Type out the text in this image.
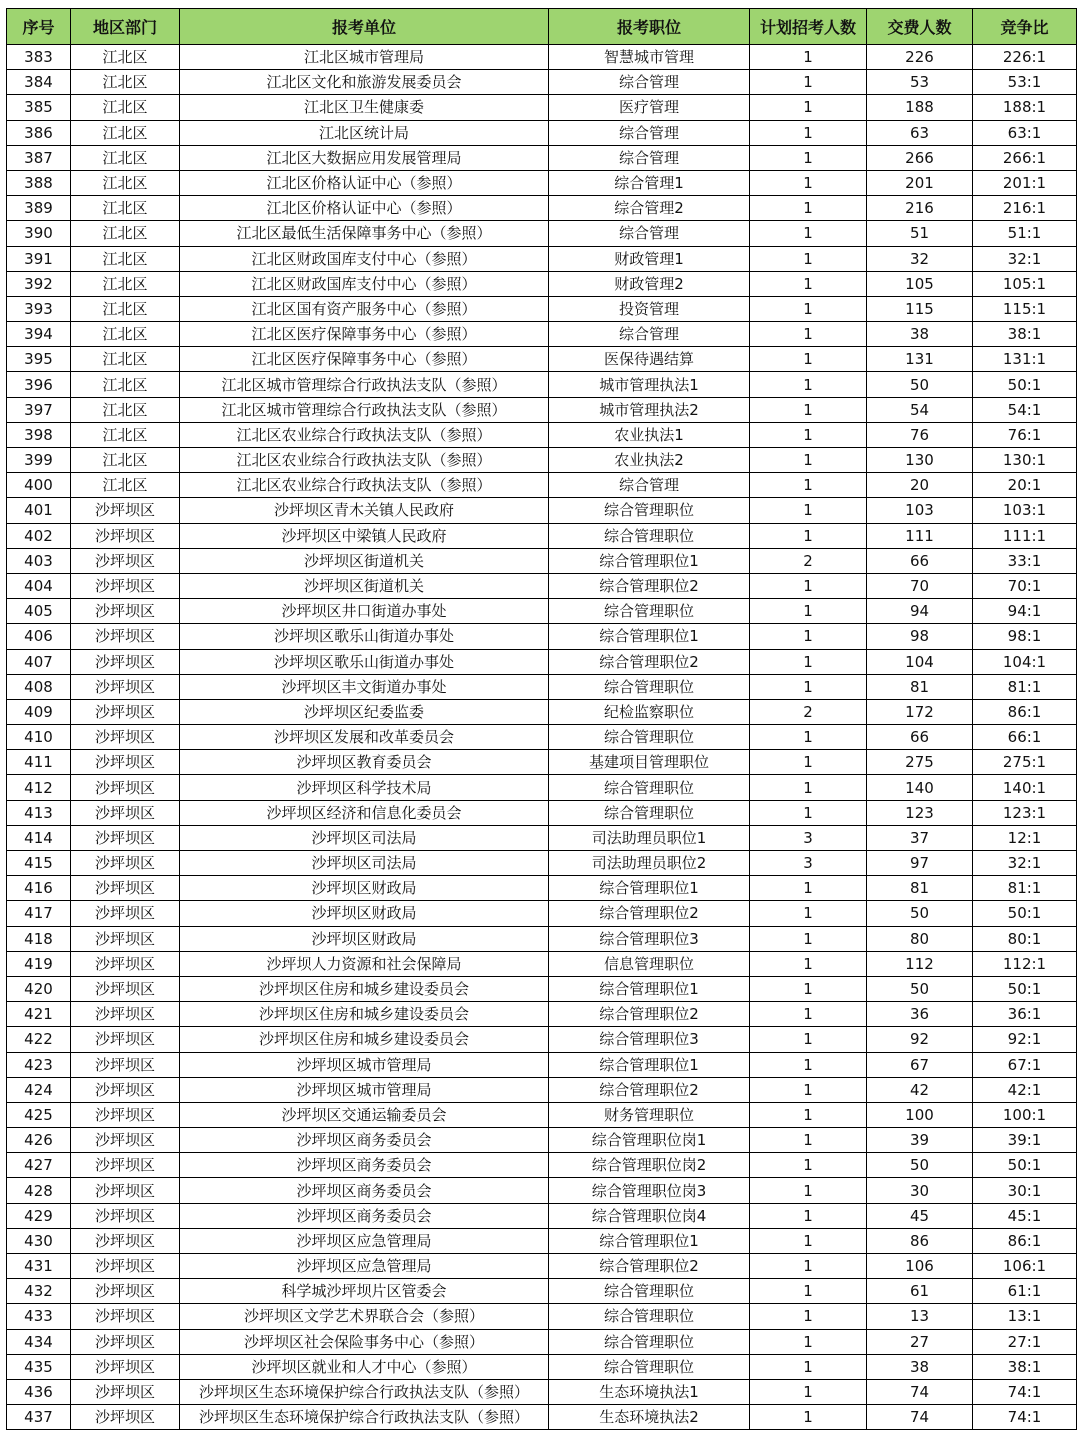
序号	地区部门	报考单位	报考职位	计划招考人数	交费人数	竞争比
383	江北区	江北区城市管理局	智慧城市管理	1	226	226:1
384	江北区	江北区文化和旅游发展委员会	综合管理	1	53	53:1
385	江北区	江北区卫生健康委	医疗管理	1	188	188:1
386	江北区	江北区统计局	综合管理	1	63	63:1
387	江北区	江北区大数据应用发展管理局	综合管理	1	266	266:1
388	江北区	江北区价格认证中心（参照）	综合管理1	1	201	201:1
389	江北区	江北区价格认证中心（参照）	综合管理2	1	216	216:1
390	江北区	江北区最低生活保障事务中心（参照）	综合管理	1	51	51:1
391	江北区	江北区财政国库支付中心（参照）	财政管理1	1	32	32:1
392	江北区	江北区财政国库支付中心（参照）	财政管理2	1	105	105:1
393	江北区	江北区国有资产服务中心（参照）	投资管理	1	115	115:1
394	江北区	江北区医疗保障事务中心（参照）	综合管理	1	38	38:1
395	江北区	江北区医疗保障事务中心（参照）	医保待遇结算	1	131	131:1
396	江北区	江北区城市管理综合行政执法支队（参照）	城市管理执法1	1	50	50:1
397	江北区	江北区城市管理综合行政执法支队（参照）	城市管理执法2	1	54	54:1
398	江北区	江北区农业综合行政执法支队（参照）	农业执法1	1	76	76:1
399	江北区	江北区农业综合行政执法支队（参照）	农业执法2	1	130	130:1
400	江北区	江北区农业综合行政执法支队（参照）	综合管理	1	20	20:1
401	沙坪坝区	沙坪坝区青木关镇人民政府	综合管理职位	1	103	103:1
402	沙坪坝区	沙坪坝区中梁镇人民政府	综合管理职位	1	111	111:1
403	沙坪坝区	沙坪坝区街道机关	综合管理职位1	2	66	33:1
404	沙坪坝区	沙坪坝区街道机关	综合管理职位2	1	70	70:1
405	沙坪坝区	沙坪坝区井口街道办事处	综合管理职位	1	94	94:1
406	沙坪坝区	沙坪坝区歌乐山街道办事处	综合管理职位1	1	98	98:1
407	沙坪坝区	沙坪坝区歌乐山街道办事处	综合管理职位2	1	104	104:1
408	沙坪坝区	沙坪坝区丰文街道办事处	综合管理职位	1	81	81:1
409	沙坪坝区	沙坪坝区纪委监委	纪检监察职位	2	172	86:1
410	沙坪坝区	沙坪坝区发展和改革委员会	综合管理职位	1	66	66:1
411	沙坪坝区	沙坪坝区教育委员会	基建项目管理职位	1	275	275:1
412	沙坪坝区	沙坪坝区科学技术局	综合管理职位	1	140	140:1
413	沙坪坝区	沙坪坝区经济和信息化委员会	综合管理职位	1	123	123:1
414	沙坪坝区	沙坪坝区司法局	司法助理员职位1	3	37	12:1
415	沙坪坝区	沙坪坝区司法局	司法助理员职位2	3	97	32:1
416	沙坪坝区	沙坪坝区财政局	综合管理职位1	1	81	81:1
417	沙坪坝区	沙坪坝区财政局	综合管理职位2	1	50	50:1
418	沙坪坝区	沙坪坝区财政局	综合管理职位3	1	80	80:1
419	沙坪坝区	沙坪坝人力资源和社会保障局	信息管理职位	1	112	112:1
420	沙坪坝区	沙坪坝区住房和城乡建设委员会	综合管理职位1	1	50	50:1
421	沙坪坝区	沙坪坝区住房和城乡建设委员会	综合管理职位2	1	36	36:1
422	沙坪坝区	沙坪坝区住房和城乡建设委员会	综合管理职位3	1	92	92:1
423	沙坪坝区	沙坪坝区城市管理局	综合管理职位1	1	67	67:1
424	沙坪坝区	沙坪坝区城市管理局	综合管理职位2	1	42	42:1
425	沙坪坝区	沙坪坝区交通运输委员会	财务管理职位	1	100	100:1
426	沙坪坝区	沙坪坝区商务委员会	综合管理职位岗1	1	39	39:1
427	沙坪坝区	沙坪坝区商务委员会	综合管理职位岗2	1	50	50:1
428	沙坪坝区	沙坪坝区商务委员会	综合管理职位岗3	1	30	30:1
429	沙坪坝区	沙坪坝区商务委员会	综合管理职位岗4	1	45	45:1
430	沙坪坝区	沙坪坝区应急管理局	综合管理职位1	1	86	86:1
431	沙坪坝区	沙坪坝区应急管理局	综合管理职位2	1	106	106:1
432	沙坪坝区	科学城沙坪坝片区管委会	综合管理职位	1	61	61:1
433	沙坪坝区	沙坪坝区文学艺术界联合会（参照）	综合管理职位	1	13	13:1
434	沙坪坝区	沙坪坝区社会保险事务中心（参照）	综合管理职位	1	27	27:1
435	沙坪坝区	沙坪坝区就业和人才中心（参照）	综合管理职位	1	38	38:1
436	沙坪坝区	沙坪坝区生态环境保护综合行政执法支队（参照）	生态环境执法1	1	74	74:1
437	沙坪坝区	沙坪坝区生态环境保护综合行政执法支队（参照）	生态环境执法2	1	74	74:1
